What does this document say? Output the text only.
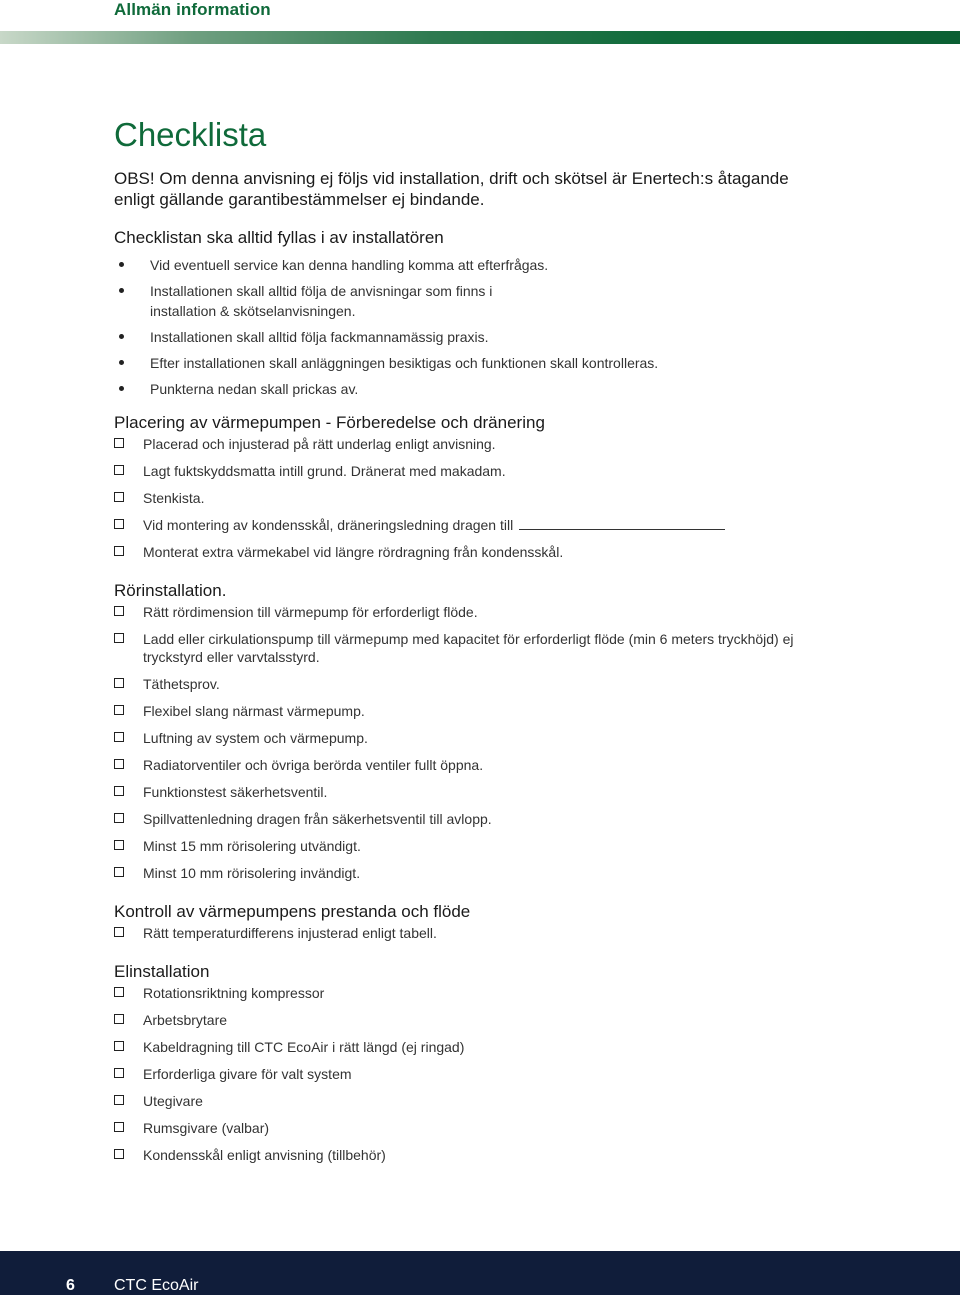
Allmän information
Checklista

OBS! Om denna anvisning ej följs vid installation, drift och skötsel är Enertech:s åtagande enligt gällande garantibestämmelser ej bindande.

Checklistan ska alltid fyllas i av installatören
Vid eventuell service kan denna handling komma att efterfrågas.
Installationen skall alltid följa de anvisningar som finns i installation & skötselanvisningen.
Installationen skall alltid följa fackmannamässig praxis.
Efter installationen skall anläggningen besiktigas och funktionen skall kontrolleras.
Punkterna nedan skall prickas av.
Placering av värmepumpen - Förberedelse och dränering
Placerad och injusterad på rätt underlag enligt anvisning.
Lagt fuktskyddsmatta intill grund. Dränerat med makadam.
Stenkista.
Vid montering av kondensskål, dräneringsledning dragen till
Monterat extra värmekabel vid längre rördragning från kondensskål.
Rörinstallation.
Rätt rördimension till värmepump för erforderligt flöde.
Ladd eller cirkulationspump till värmepump med kapacitet för erforderligt flöde (min 6 meters tryckhöjd) ej tryckstyrd eller varvtalsstyrd.
Täthetsprov.
Flexibel slang närmast värmepump.
Luftning av system och värmepump.
Radiatorventiler och övriga berörda ventiler fullt öppna.
Funktionstest säkerhetsventil.
Spillvattenledning dragen från säkerhetsventil till avlopp.
Minst 15 mm rörisolering utvändigt.
Minst 10 mm rörisolering invändigt.
Kontroll av värmepumpens prestanda och flöde
Rätt temperaturdifferens injusterad enligt tabell.
Elinstallation
Rotationsriktning kompressor
Arbetsbrytare
Kabeldragning till CTC EcoAir i rätt längd (ej ringad)
Erforderliga givare för valt system
Utegivare
Rumsgivare (valbar)
Kondensskål enligt anvisning (tillbehör)
6 CTC EcoAir
